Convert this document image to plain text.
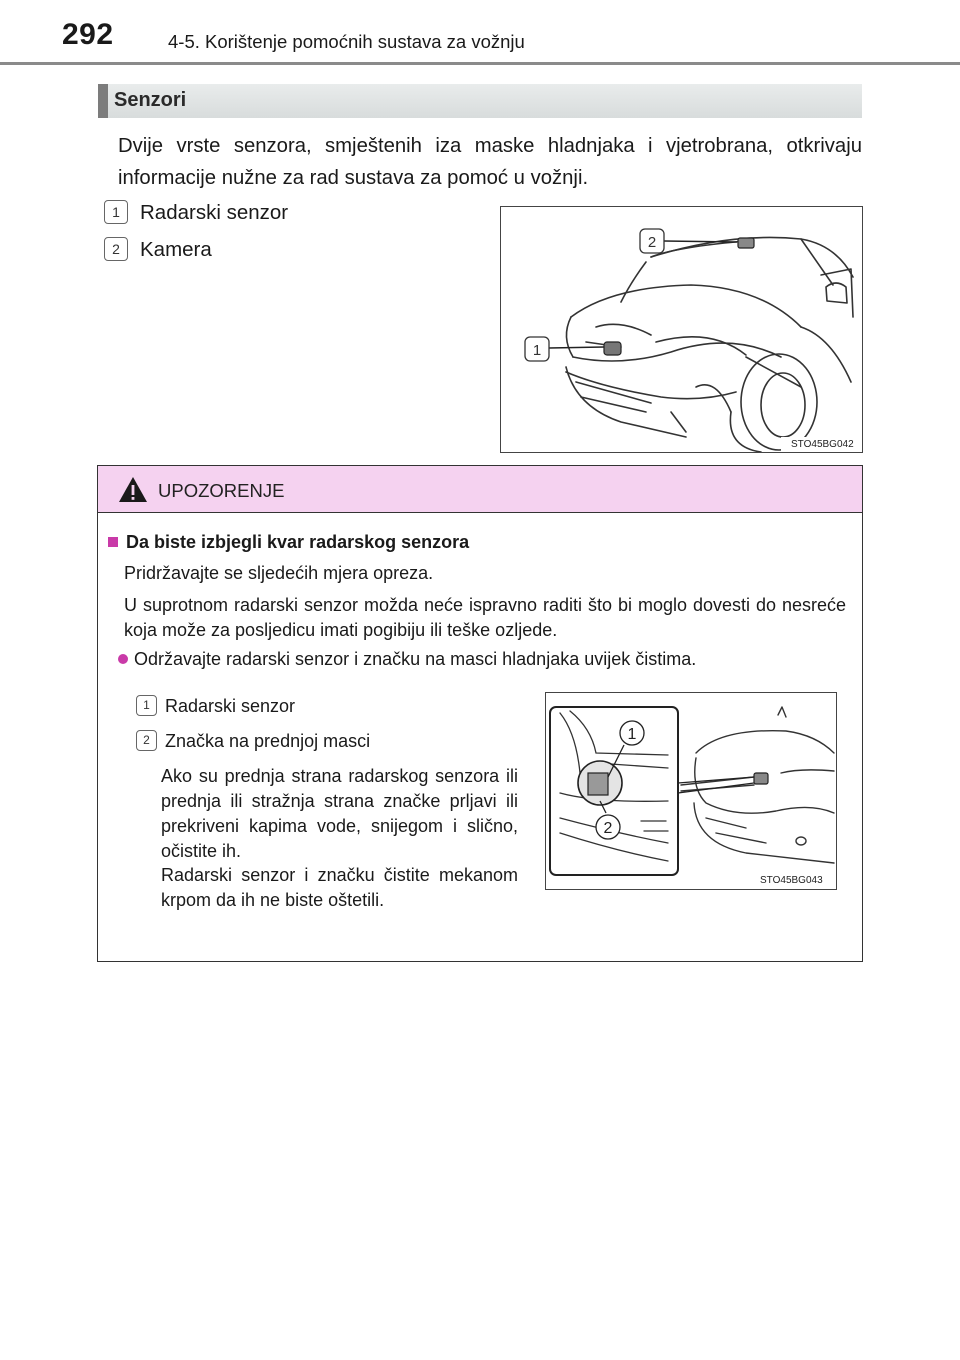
292	4-5. Korištenje pomoćnih sustava za vožnju
Senzori
Dvije vrste senzora, smještenih iza maske hladnjaka i vjetrobrana, otkrivaju informacije nužne za rad sustava za pomoć u vožnji.
1 Radarski senzor
2 Kamera
1
2
STO45BG042
UPOZORENJE
Da biste izbjegli kvar radarskog senzora
Pridržavajte se sljedećih mjera opreza.
U suprotnom radarski senzor možda neće ispravno raditi što bi moglo dovesti do nesreće koja može za posljedicu imati pogibiju ili teške ozljede.
Održavajte radarski senzor i značku na masci hladnjaka uvijek čistima.
1 Radarski senzor
2 Značka na prednjoj masci
Ako su prednja strana radarskog senzora ili prednja ili stražnja strana značke prljavi ili prekriveni kapima vode, snijegom i slično, očistite ih.
Radarski senzor i značku čistite mekanom krpom da ih ne biste oštetili.
1
2
STO45BG043
